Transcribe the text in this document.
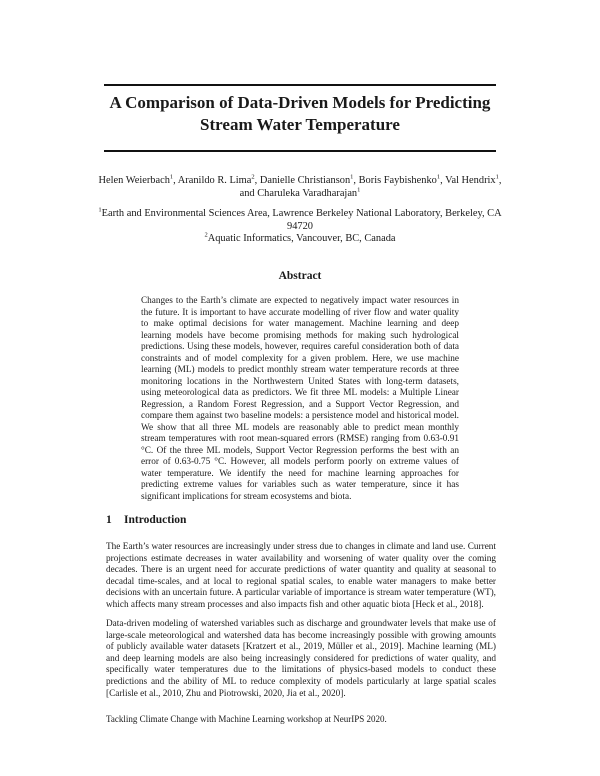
A Comparison of Data-Driven Models for Predicting
Stream Water Temperature
Helen Weierbach$^1$, Aranildo R. Lima$^2$, Danielle Christianson$^1$, Boris Faybishenko$^1$, Val Hendrix$^1$,
and Charuleka Varadharajan$^1$
$^1$Earth and Environmental Sciences Area, Lawrence Berkeley National Laboratory, Berkeley, CA
94720
$^2$Aquatic Informatics, Vancouver, BC, Canada
Abstract

Changes to the Earth’s climate are expected to negatively impact water resources in the future. It is important to have accurate modelling of river flow and water quality to make optimal decisions for water management. Machine learning and deep learning models have become promising methods for making such hydrological predictions. Using these models, however, requires careful consideration both of data constraints and of model complexity for a given problem. Here, we use machine learning (ML) models to predict monthly stream water temperature records at three monitoring locations in the Northwestern United States with long-term datasets, using meteorological data as predictors. We fit three ML models: a Multiple Linear Regression, a Random Forest Regression, and a Support Vector Regression, and compare them against two baseline models: a persistence model and historical model. We show that all three ML models are reasonably able to predict mean monthly stream temperatures with root mean-squared errors (RMSE) ranging from 0.63-0.91 °C. Of the three ML models, Support Vector Regression performs the best with an error of 0.63-0.75 °C. However, all models perform poorly on extreme values of water temperature. We identify the need for machine learning approaches for predicting extreme values for variables such as water temperature, since it has significant implications for stream ecosystems and biota.

1 Introduction

The Earth’s water resources are increasingly under stress due to changes in climate and land use. Current projections estimate decreases in water availability and worsening of water quality over the coming decades. There is an urgent need for accurate predictions of water quantity and quality at seasonal to decadal time-scales, and at local to regional spatial scales, to enable water managers to make better decisions with an uncertain future. A particular variable of importance is stream water temperature (WT), which affects many stream processes and also impacts fish and other aquatic biota [Heck et al., 2018].

Data-driven modeling of watershed variables such as discharge and groundwater levels that make use of large-scale meteorological and watershed data has become increasingly possible with growing amounts of publicly available water datasets [Kratzert et al., 2019, Müller et al., 2019]. Machine learning (ML) and deep learning models are also being increasingly considered for predictions of water quality, and specifically water temperatures due to the limitations of physics-based models to conduct these predictions and the ability of ML to reduce complexity of models particularly at large spatial scales [Carlisle et al., 2010, Zhu and Piotrowski, 2020, Jia et al., 2020].

Tackling Climate Change with Machine Learning workshop at NeurIPS 2020.
